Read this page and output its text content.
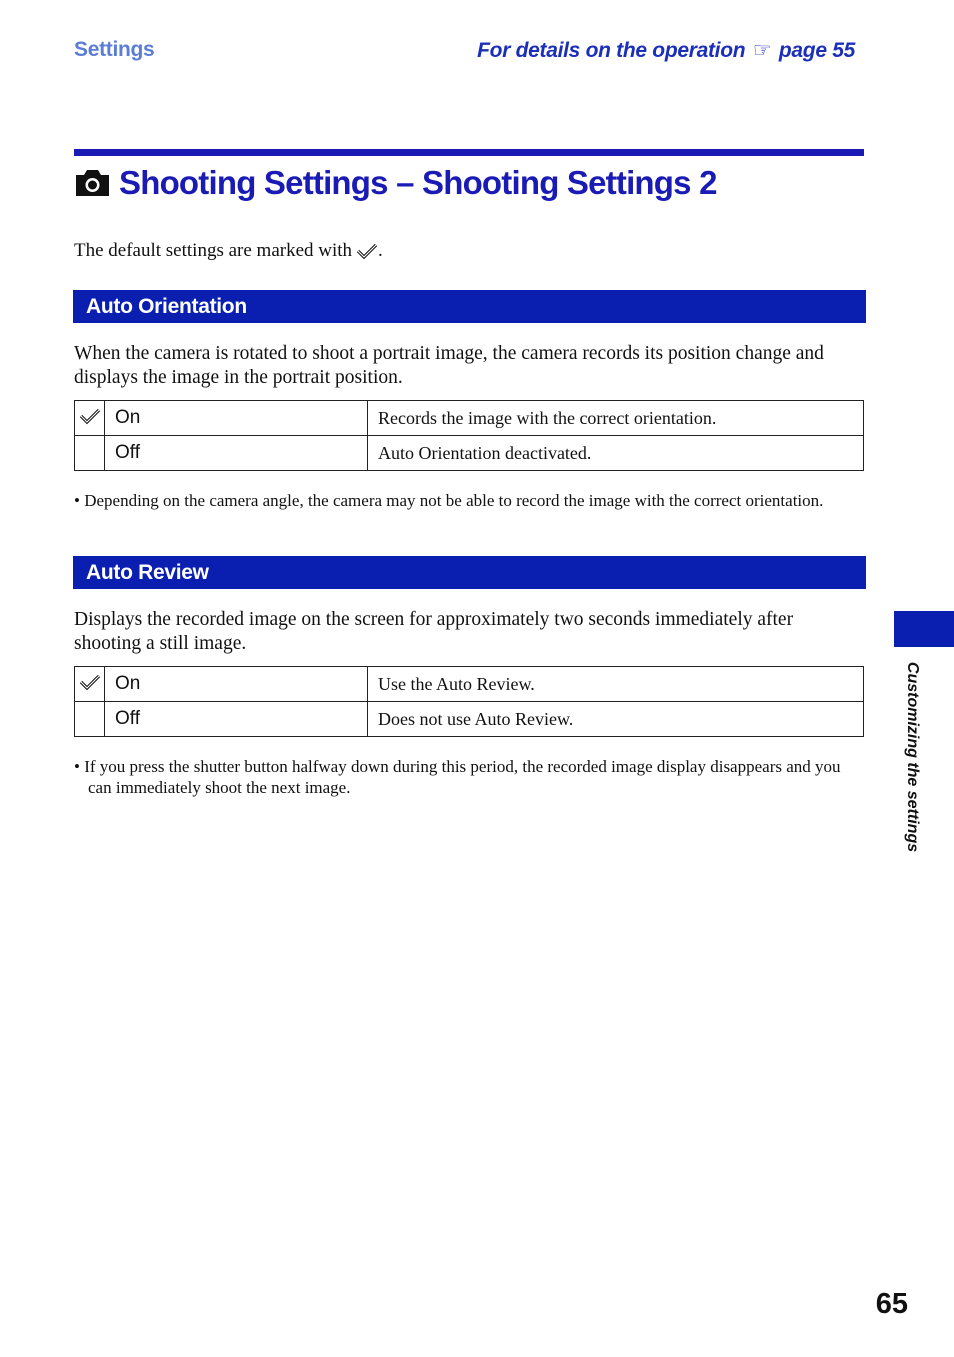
Settings	For details on the operation ☞ page 55
Shooting Settings – Shooting Settings 2
The default settings are marked with .
Auto Orientation

When the camera is rotated to shoot a portrait image, the camera records its position change and displays the image in the portrait position.

	On	Records the image with the correct orientation.
	Off	Auto Orientation deactivated.

• Depending on the camera angle, the camera may not be able to record the image with the correct orientation.

Auto Review

Displays the recorded image on the screen for approximately two seconds immediately after shooting a still image.

	On	Use the Auto Review.
	Off	Does not use Auto Review.

• If you press the shutter button halfway down during this period, the recorded image display disappears and you can immediately shoot the next image.	Customizing the settings
65
